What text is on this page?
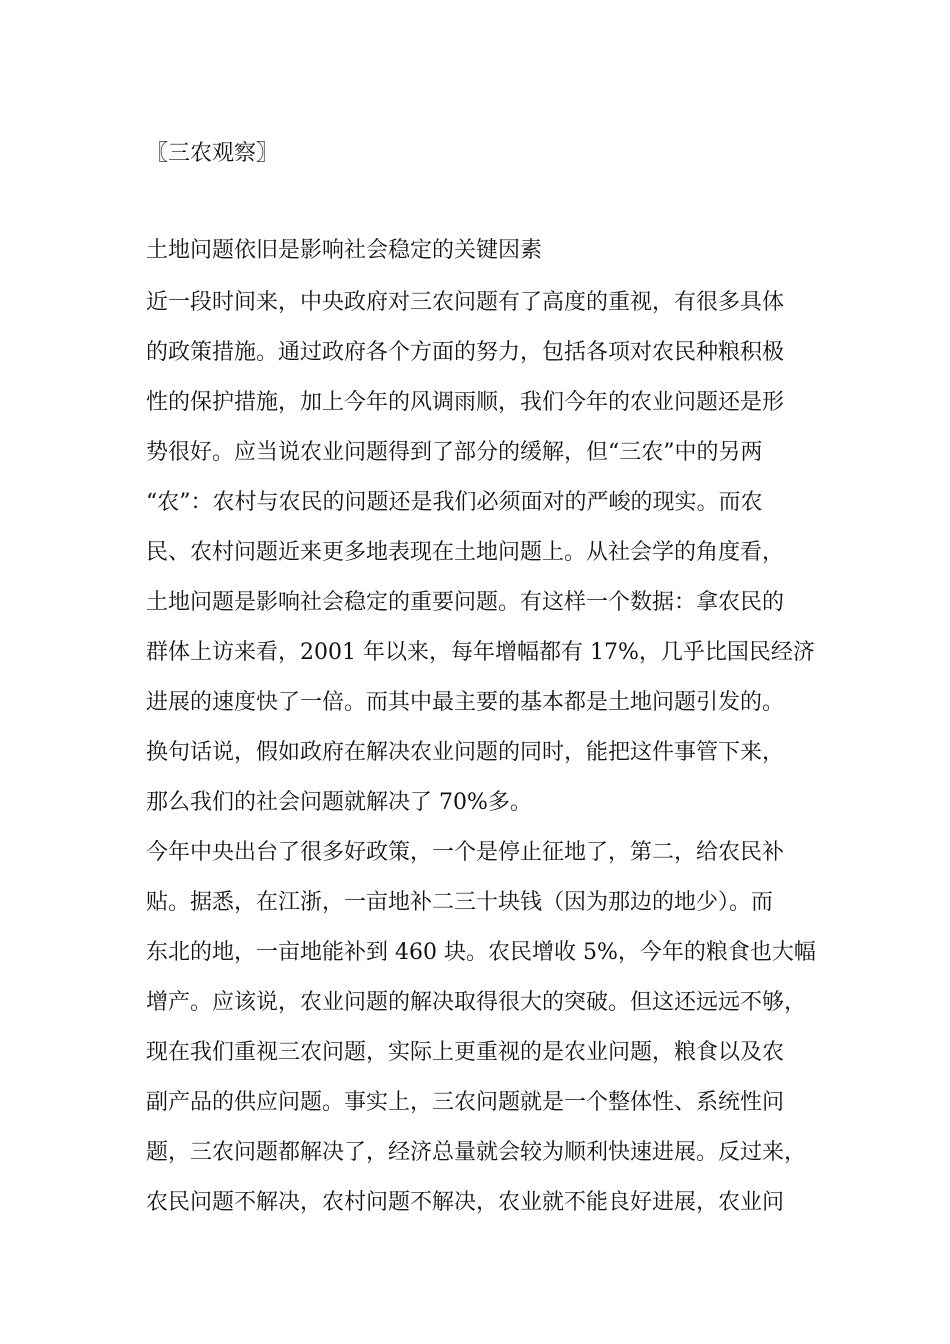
〖三农观察〗
土地问题依旧是影响社会稳定的关键因素
近一段时间来，中央政府对三农问题有了高度的重视，有很多具体
的政策措施。通过政府各个方面的努力，包括各项对农民种粮积极
性的保护措施，加上今年的风调雨顺，我们今年的农业问题还是形
势很好。应当说农业问题得到了部分的缓解，但“三农”中的另两
“农”：农村与农民的问题还是我们必须面对的严峻的现实。而农
民、农村问题近来更多地表现在土地问题上。从社会学的角度看，
土地问题是影响社会稳定的重要问题。有这样一个数据：拿农民的
群体上访来看，2001 年以来，每年增幅都有 17%，几乎比国民经济
进展的速度快了一倍。而其中最主要的基本都是土地问题引发的。
换句话说，假如政府在解决农业问题的同时，能把这件事管下来，
那么我们的社会问题就解决了 70%多。
今年中央出台了很多好政策，一个是停止征地了，第二，给农民补
贴。据悉，在江浙，一亩地补二三十块钱（因为那边的地少）。而
东北的地，一亩地能补到 460 块。农民增收 5%，今年的粮食也大幅
增产。应该说，农业问题的解决取得很大的突破。但这还远远不够，
现在我们重视三农问题，实际上更重视的是农业问题，粮食以及农
副产品的供应问题。事实上，三农问题就是一个整体性、系统性问
题，三农问题都解决了，经济总量就会较为顺利快速进展。反过来，
农民问题不解决，农村问题不解决，农业就不能良好进展，农业问
